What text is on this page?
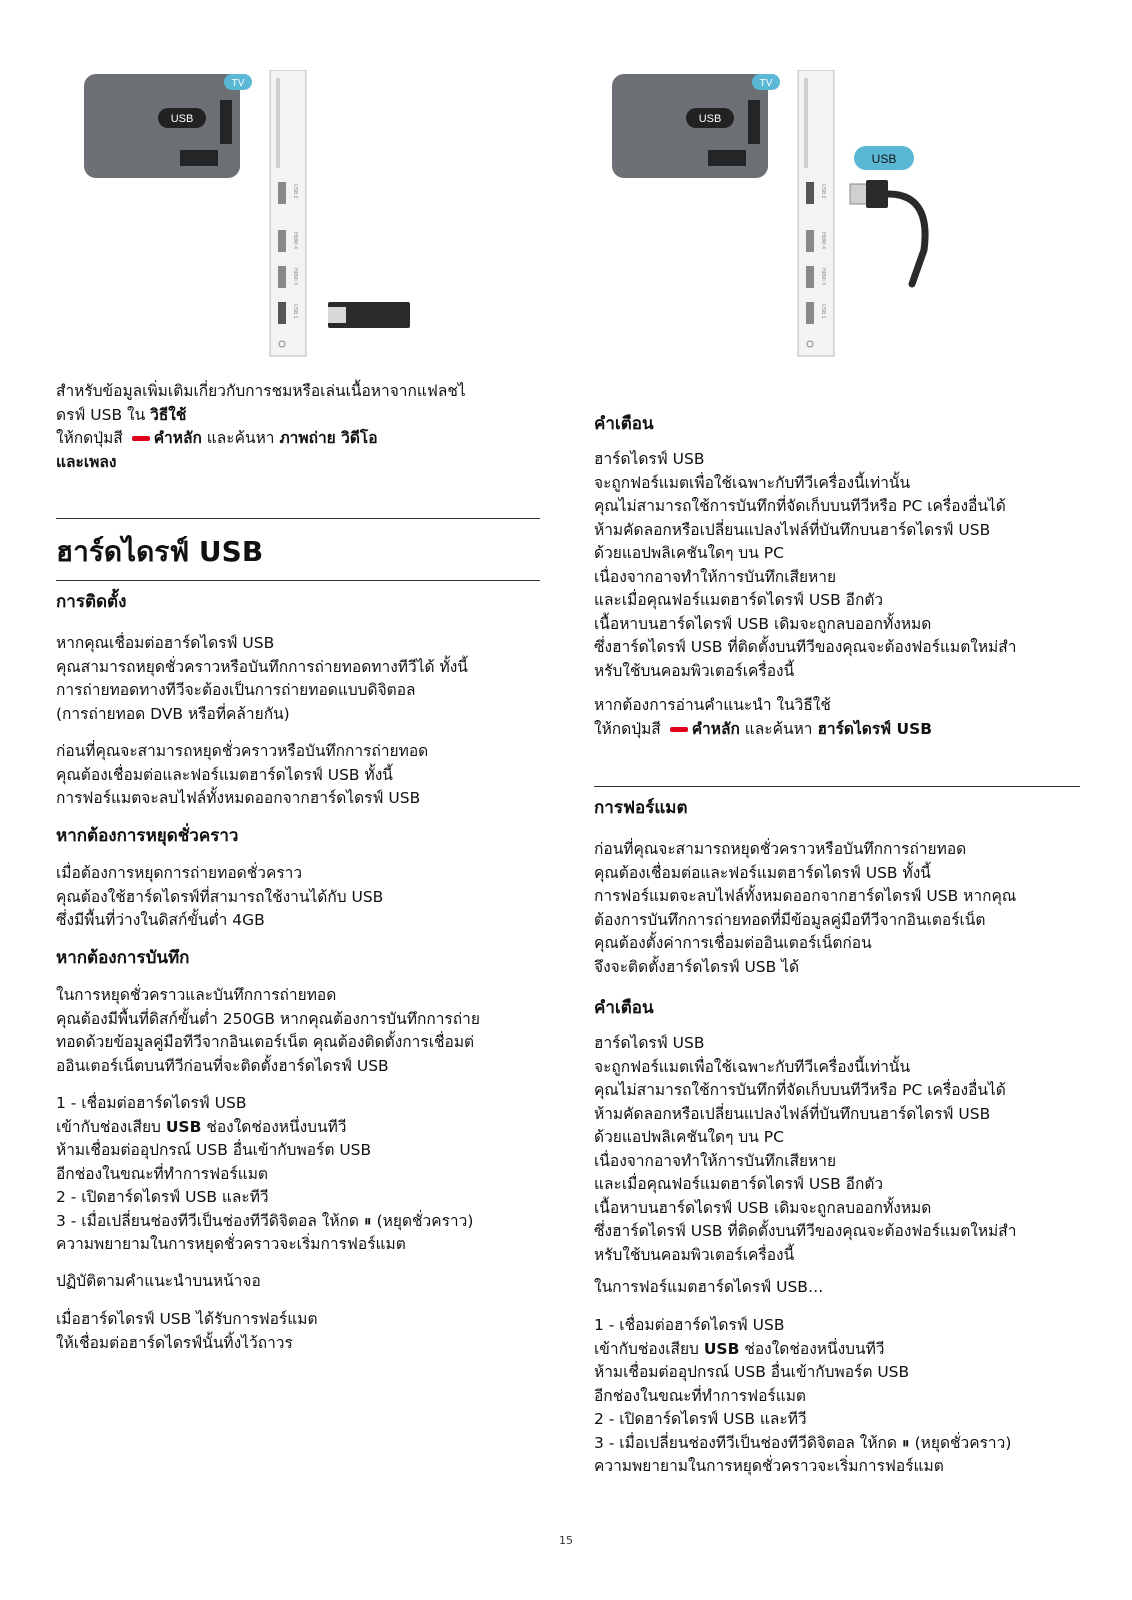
TV
USB
USB 2
HDMI 4
HDMI 3
USB 1
TV
USB
USB 2
HDMI 4
HDMI 3
USB 1
USB

สำหรับข้อมูลเพิ่มเติมเกี่ยวกับการชมหรือเล่นเนื้อหาจากแฟลชไ

ดรฟ์ USB ใน วิธีใช้

ให้กดปุ่มสี คำหลัก และค้นหา ภาพถ่าย วิดีโอ

และเพลง

ฮาร์ดไดรฟ์ USB
การติดตั้ง

หากคุณเชื่อมต่อฮาร์ดไดรฟ์ USB

คุณสามารถหยุดชั่วคราวหรือบันทึกการถ่ายทอดทางทีวีได้ ทั้งนี้

การถ่ายทอดทางทีวีจะต้องเป็นการถ่ายทอดแบบดิจิตอล

(การถ่ายทอด DVB หรือที่คล้ายกัน)

ก่อนที่คุณจะสามารถหยุดชั่วคราวหรือบันทึกการถ่ายทอด

คุณต้องเชื่อมต่อและฟอร์แมตฮาร์ดไดรฟ์ USB ทั้งนี้

การฟอร์แมตจะลบไฟล์ทั้งหมดออกจากฮาร์ดไดรฟ์ USB

หากต้องการหยุดชั่วคราว

เมื่อต้องการหยุดการถ่ายทอดชั่วคราว

คุณต้องใช้ฮาร์ดไดรฟ์ที่สามารถใช้งานได้กับ USB

ซึ่งมีพื้นที่ว่างในดิสก์ขั้นต่ำ 4GB

หากต้องการบันทึก

ในการหยุดชั่วคราวและบันทึกการถ่ายทอด

คุณต้องมีพื้นที่ดิสก์ขั้นต่ำ 250GB หากคุณต้องการบันทึกการถ่าย

ทอดด้วยข้อมูลคู่มือทีวีจากอินเตอร์เน็ต คุณต้องติดตั้งการเชื่อมต่

ออินเตอร์เน็ตบนทีวีก่อนที่จะติดตั้งฮาร์ดไดรฟ์ USB

1 - เชื่อมต่อฮาร์ดไดรฟ์ USB

เข้ากับช่องเสียบ USB ช่องใดช่องหนึ่งบนทีวี

ห้ามเชื่อมต่ออุปกรณ์ USB อื่นเข้ากับพอร์ต USB

อีกช่องในขณะที่ทำการฟอร์แมต

2 - เปิดฮาร์ดไดรฟ์ USB และทีวี

3 - เมื่อเปลี่ยนช่องทีวีเป็นช่องทีวีดิจิตอล ให้กด ⏸ (หยุดชั่วคราว)

ความพยายามในการหยุดชั่วคราวจะเริ่มการฟอร์แมต

ปฏิบัติตามคำแนะนำบนหน้าจอ

เมื่อฮาร์ดไดรฟ์ USB ได้รับการฟอร์แมต

ให้เชื่อมต่อฮาร์ดไดรฟ์นั้นทิ้งไว้ถาวร

คำเตือน

ฮาร์ดไดรฟ์ USB

จะถูกฟอร์แมตเพื่อใช้เฉพาะกับทีวีเครื่องนี้เท่านั้น

คุณไม่สามารถใช้การบันทึกที่จัดเก็บบนทีวีหรือ PC เครื่องอื่นได้

ห้ามคัดลอกหรือเปลี่ยนแปลงไฟล์ที่บันทึกบนฮาร์ดไดรฟ์ USB

ด้วยแอปพลิเคชันใดๆ บน PC

เนื่องจากอาจทำให้การบันทึกเสียหาย

และเมื่อคุณฟอร์แมตฮาร์ดไดรฟ์ USB อีกตัว

เนื้อหาบนฮาร์ดไดรฟ์ USB เดิมจะถูกลบออกทั้งหมด

ซึ่งฮาร์ดไดรฟ์ USB ที่ติดตั้งบนทีวีของคุณจะต้องฟอร์แมตใหม่สำ

หรับใช้บนคอมพิวเตอร์เครื่องนี้

หากต้องการอ่านคำแนะนำ ในวิธีใช้

ให้กดปุ่มสี คำหลัก และค้นหา ฮาร์ดไดรฟ์ USB

การฟอร์แมต

ก่อนที่คุณจะสามารถหยุดชั่วคราวหรือบันทึกการถ่ายทอด

คุณต้องเชื่อมต่อและฟอร์แมตฮาร์ดไดรฟ์ USB ทั้งนี้

การฟอร์แมตจะลบไฟล์ทั้งหมดออกจากฮาร์ดไดรฟ์ USB หากคุณ

ต้องการบันทึกการถ่ายทอดที่มีข้อมูลคู่มือทีวีจากอินเตอร์เน็ต

คุณต้องตั้งค่าการเชื่อมต่ออินเตอร์เน็ตก่อน

จึงจะติดตั้งฮาร์ดไดรฟ์ USB ได้

คำเตือน

ฮาร์ดไดรฟ์ USB

จะถูกฟอร์แมตเพื่อใช้เฉพาะกับทีวีเครื่องนี้เท่านั้น

คุณไม่สามารถใช้การบันทึกที่จัดเก็บบนทีวีหรือ PC เครื่องอื่นได้

ห้ามคัดลอกหรือเปลี่ยนแปลงไฟล์ที่บันทึกบนฮาร์ดไดรฟ์ USB

ด้วยแอปพลิเคชันใดๆ บน PC

เนื่องจากอาจทำให้การบันทึกเสียหาย

และเมื่อคุณฟอร์แมตฮาร์ดไดรฟ์ USB อีกตัว

เนื้อหาบนฮาร์ดไดรฟ์ USB เดิมจะถูกลบออกทั้งหมด

ซึ่งฮาร์ดไดรฟ์ USB ที่ติดตั้งบนทีวีของคุณจะต้องฟอร์แมตใหม่สำ

หรับใช้บนคอมพิวเตอร์เครื่องนี้

ในการฟอร์แมตฮาร์ดไดรฟ์ USB…

1 - เชื่อมต่อฮาร์ดไดรฟ์ USB

เข้ากับช่องเสียบ USB ช่องใดช่องหนึ่งบนทีวี

ห้ามเชื่อมต่ออุปกรณ์ USB อื่นเข้ากับพอร์ต USB

อีกช่องในขณะที่ทำการฟอร์แมต

2 - เปิดฮาร์ดไดรฟ์ USB และทีวี

3 - เมื่อเปลี่ยนช่องทีวีเป็นช่องทีวีดิจิตอล ให้กด ⏸ (หยุดชั่วคราว)

ความพยายามในการหยุดชั่วคราวจะเริ่มการฟอร์แมต

15
